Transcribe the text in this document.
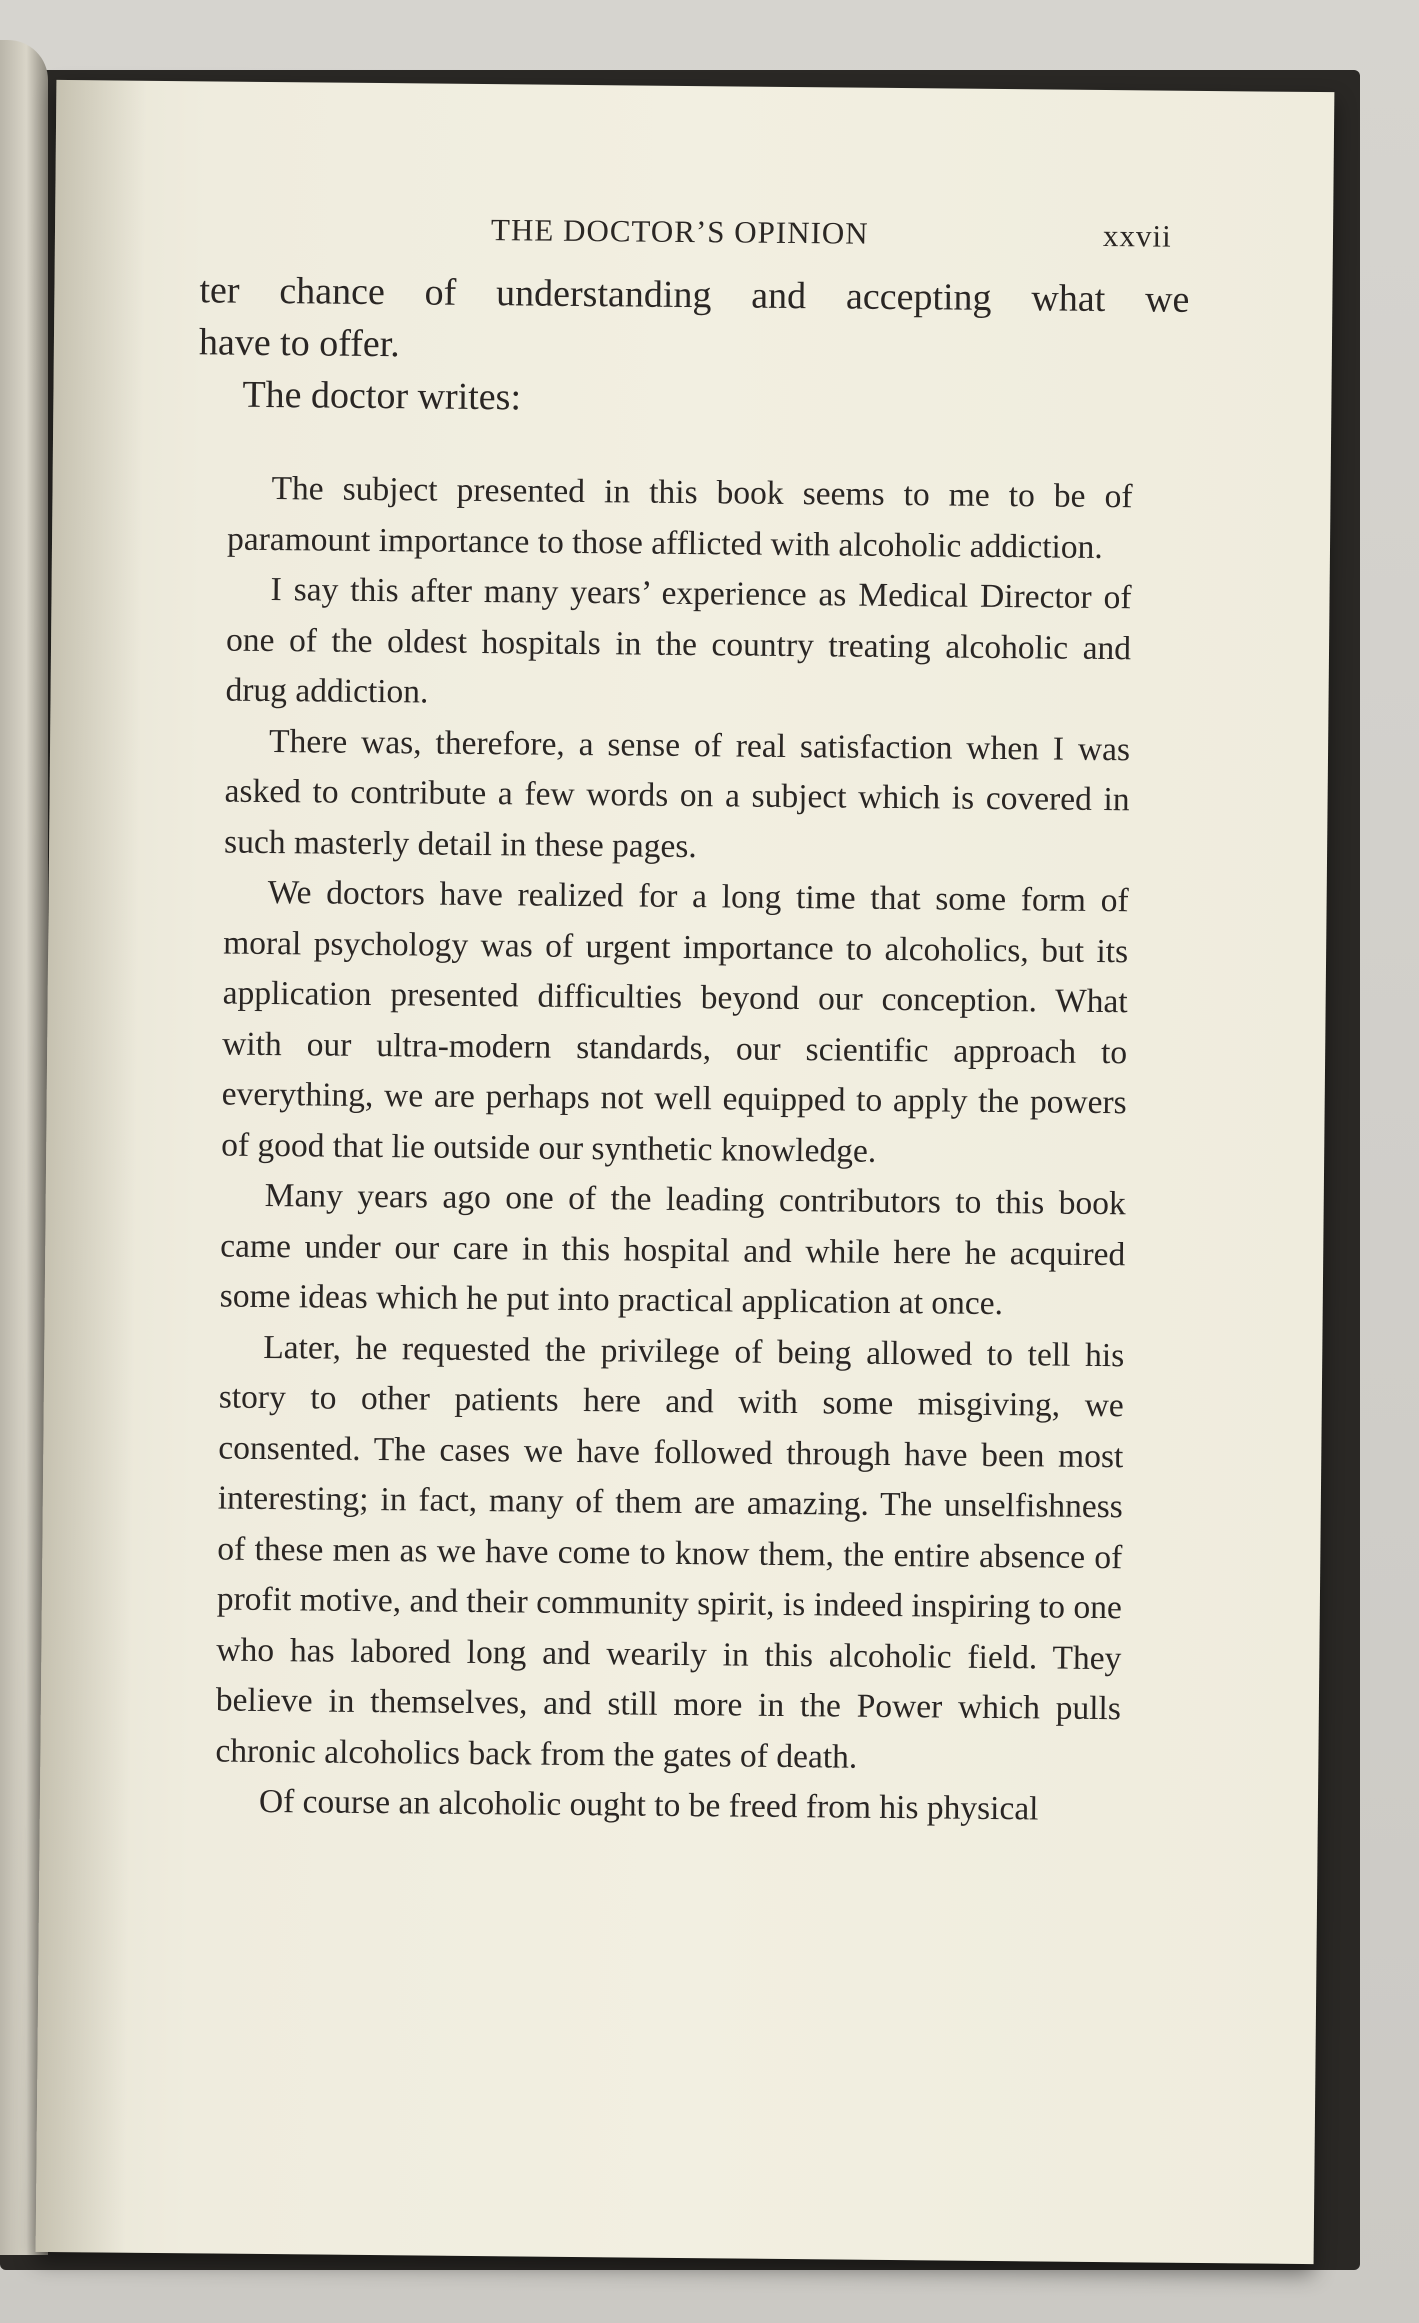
THE DOCTOR’S OPINION	xxvii

ter chance of understanding and accepting what we

have to offer.

The doctor writes:

The subject presented in this book seems to me to be of paramount importance to those afflicted with alcoholic addiction.

I say this after many years’ experience as Medical Director of one of the oldest hospitals in the country treating alcoholic and drug addiction.

There was, therefore, a sense of real satisfaction when I was asked to contribute a few words on a subject which is covered in such masterly detail in these pages.

We doctors have realized for a long time that some form of moral psychology was of urgent importance to alcoholics, but its application presented difficulties beyond our conception. What with our ultra-modern standards, our scientific approach to everything, we are perhaps not well equipped to apply the powers of good that lie outside our synthetic knowledge.

Many years ago one of the leading contributors to this book came under our care in this hospital and while here he acquired some ideas which he put into practical application at once.

Later, he requested the privilege of being allowed to tell his story to other patients here and with some misgiving, we consented. The cases we have followed through have been most interesting; in fact, many of them are amazing. The unselfishness of these men as we have come to know them, the entire absence of profit motive, and their community spirit, is indeed inspiring to one who has labored long and wearily in this alcoholic field. They believe in themselves, and still more in the Power which pulls chronic alcoholics back from the gates of death.

Of course an alcoholic ought to be freed from his physical
